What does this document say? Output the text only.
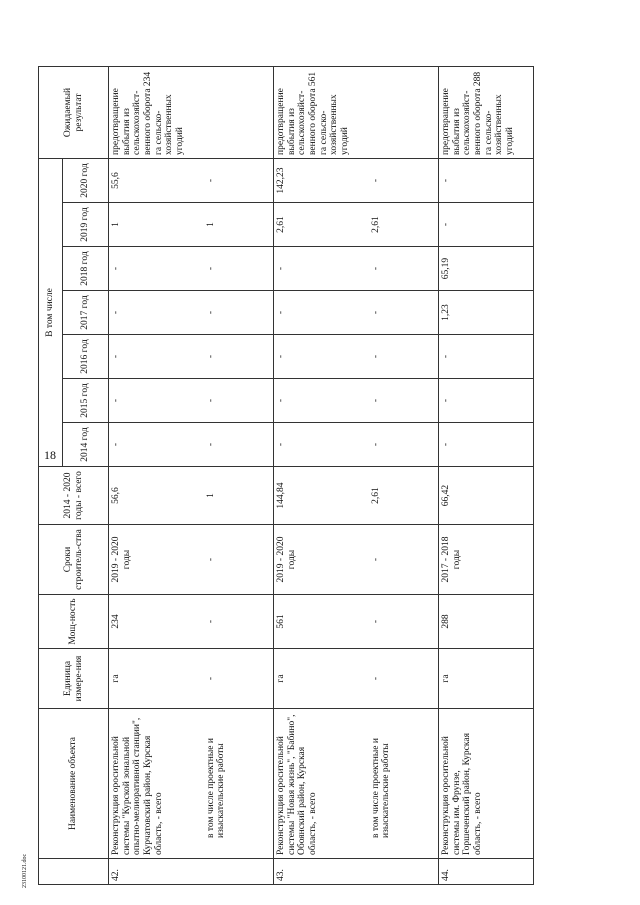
18
23100121.doc
	Наименование объекта	Единица измере-ния	Мощ-ность	Сроки строитель-ства	2014 - 2020 годы - всего	В том числе							Ожидаемый результат
						2014 год	2015 год	2016 год	2017 год	2018 год	2019 год	2020 год	
42.	Реконструкция оросительной системы "Курской зональной опытно-мелиоративной станции", Курчатовский район, Курская область, - всего	га	234	2019 - 2020 годы	56,6	-	-	-	-	-	1	55,6	предотвращение выбытия из сельскохозяйст-венного оборота 234 га сельско-хозяйственных угодий
	в том числе проектные и изыскательские работы	-	-	-	1	-	-	-	-	-	1	-	
43.	Реконструкция оросительной системы "Новая жизнь", "Бабино", Обоянский район, Курская область, - всего	га	561	2019 - 2020 годы	144,84	-	-	-	-	-	2,61	142,23	предотвращение выбытия из сельскохозяйст-венного оборота 561 га сельско-хозяйственных угодий
	в том числе проектные и изыскательские работы	-	-	-	2,61	-	-	-	-	-	2,61	-	
44.	Реконструкция оросительной системы им. Фрунзе, Горшеченский район, Курская область, - всего	га	288	2017 - 2018 годы	66,42	-	-	-	1,23	65,19	-	-	предотвращение выбытия из сельскохозяйст-венного оборота 288 га сельско-хозяйственных угодий
